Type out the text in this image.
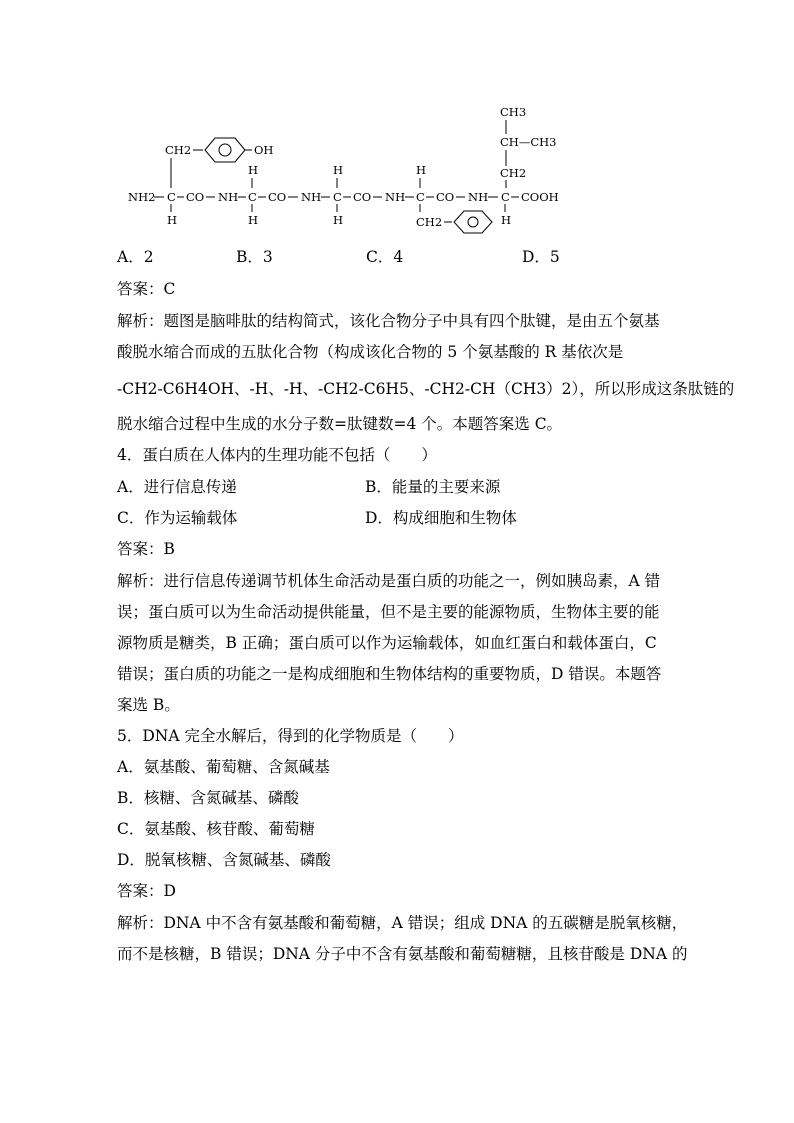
CH3
CH—CH3
CH2
CH2	OH
H	H	H
NH2 C CO NH C CO NH C CO NH C CO NH C COOH
H	H	H	CH2	H
A．2	B．3	C．4	D．5
答案：C
解析：题图是脑啡肽的结构简式，该化合物分子中具有四个肽键，是由五个氨基
酸脱水缩合而成的五肽化合物（构成该化合物的 5 个氨基酸的 R 基依次是
-CH2-C6H4OH、-H、-H、-CH2-C6H5、-CH2-CH（CH3）2），所以形成这条肽链的
脱水缩合过程中生成的水分子数=肽键数=4 个。本题答案选 C。
4．蛋白质在人体内的生理功能不包括（　　）
A．进行信息传递	B．能量的主要来源
C．作为运输载体	D．构成细胞和生物体
答案：B
解析：进行信息传递调节机体生命活动是蛋白质的功能之一，例如胰岛素，A 错
误；蛋白质可以为生命活动提供能量，但不是主要的能源物质，生物体主要的能
源物质是糖类，B 正确；蛋白质可以作为运输载体，如血红蛋白和载体蛋白，C
错误；蛋白质的功能之一是构成细胞和生物体结构的重要物质，D 错误。本题答
案选 B。
5．DNA 完全水解后，得到的化学物质是（　　）
A．氨基酸、葡萄糖、含氮碱基
B．核糖、含氮碱基、磷酸
C．氨基酸、核苷酸、葡萄糖
D．脱氧核糖、含氮碱基、磷酸
答案：D
解析：DNA 中不含有氨基酸和葡萄糖，A 错误；组成 DNA 的五碳糖是脱氧核糖，
而不是核糖，B 错误；DNA 分子中不含有氨基酸和葡萄糖糖，且核苷酸是 DNA 的
